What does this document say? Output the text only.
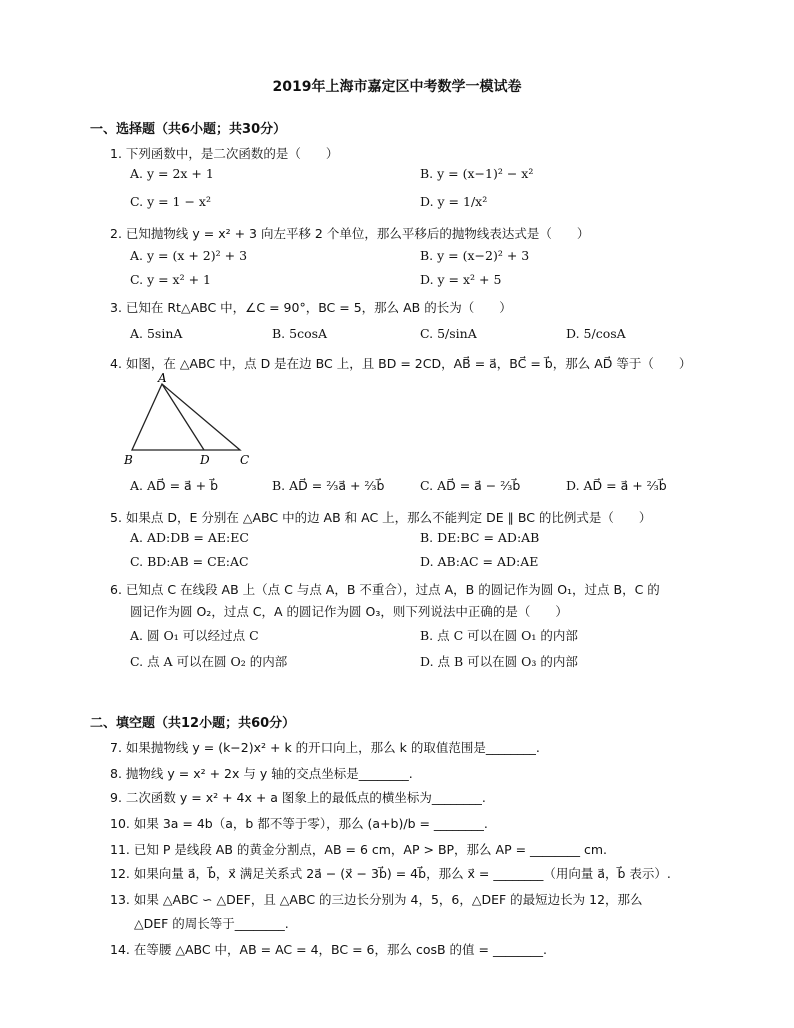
2019年上海市嘉定区中考数学一模试卷
一、选择题（共6小题；共30分）
1. 下列函数中，是二次函数的是（　　）
A. y = 2x + 1	B. y = (x−1)² − x²
C. y = 1 − x²	D. y = 1/x²
2. 已知抛物线 y = x² + 3 向左平移 2 个单位，那么平移后的抛物线表达式是（　　）
A. y = (x + 2)² + 3	B. y = (x−2)² + 3
C. y = x² + 1	D. y = x² + 5
3. 已知在 Rt△ABC 中，∠C = 90°，BC = 5，那么 AB 的长为（　　）
A. 5sinA	B. 5cosA	C. 5/sinA	D. 5/cosA
4. 如图，在 △ABC 中，点 D 是在边 BC 上，且 BD = 2CD，AB⃗ = a⃗，BC⃗ = b⃗，那么 AD⃗ 等于（　　）
A
B	D	C
A. AD⃗ = a⃗ + b⃗	B. AD⃗ = ⅔a⃗ + ⅔b⃗	C. AD⃗ = a⃗ − ⅔b⃗	D. AD⃗ = a⃗ + ⅔b⃗
5. 如果点 D，E 分别在 △ABC 中的边 AB 和 AC 上，那么不能判定 DE ∥ BC 的比例式是（　　）
A. AD:DB = AE:EC	B. DE:BC = AD:AB
C. BD:AB = CE:AC	D. AB:AC = AD:AE
6. 已知点 C 在线段 AB 上（点 C 与点 A，B 不重合），过点 A，B 的圆记作为圆 O₁，过点 B，C 的
圆记作为圆 O₂，过点 C，A 的圆记作为圆 O₃，则下列说法中正确的是（　　）
A. 圆 O₁ 可以经过点 C	B. 点 C 可以在圆 O₁ 的内部
C. 点 A 可以在圆 O₂ 的内部	D. 点 B 可以在圆 O₃ 的内部
二、填空题（共12小题；共60分）
7. 如果抛物线 y = (k−2)x² + k 的开口向上，那么 k 的取值范围是________.
8. 抛物线 y = x² + 2x 与 y 轴的交点坐标是________.
9. 二次函数 y = x² + 4x + a 图象上的最低点的横坐标为________.
10. 如果 3a = 4b（a，b 都不等于零），那么 (a+b)/b = ________.
11. 已知 P 是线段 AB 的黄金分割点，AB = 6 cm，AP > BP，那么 AP = ________ cm.
12. 如果向量 a⃗，b⃗，x⃗ 满足关系式 2a⃗ − (x⃗ − 3b⃗) = 4b⃗，那么 x⃗ = ________（用向量 a⃗，b⃗ 表示）.
13. 如果 △ABC ∽ △DEF，且 △ABC 的三边长分别为 4，5，6，△DEF 的最短边长为 12，那么
△DEF 的周长等于________.
14. 在等腰 △ABC 中，AB = AC = 4，BC = 6，那么 cosB 的值 = ________.
